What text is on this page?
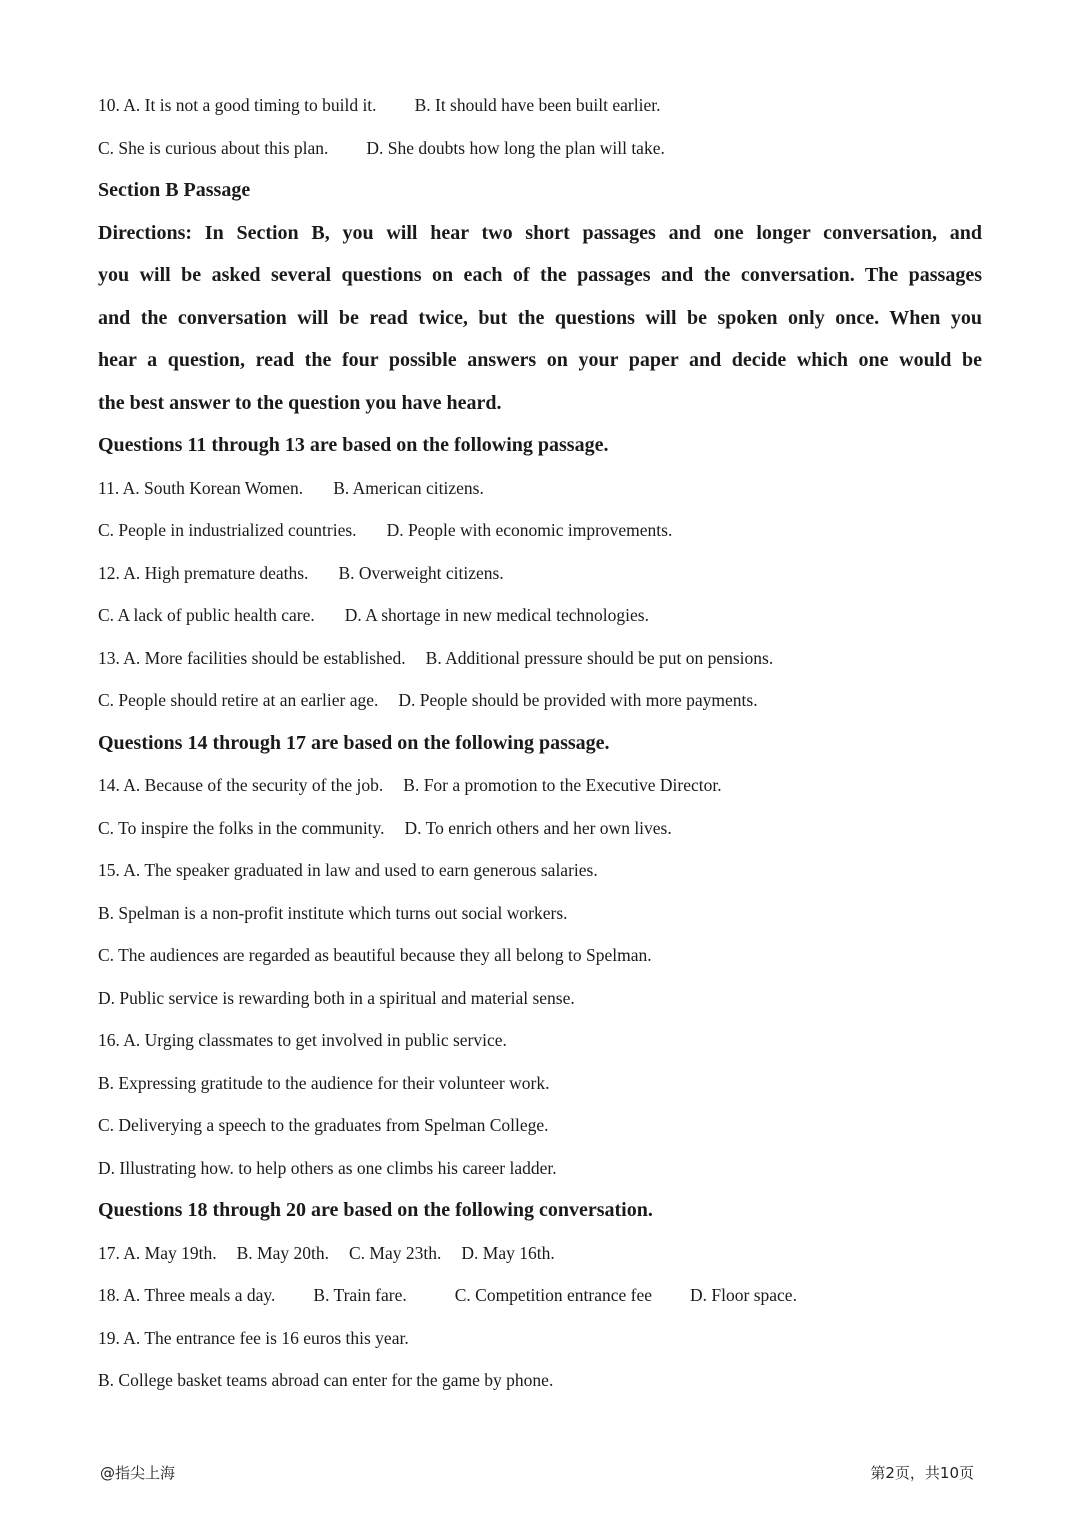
10. A. It is not a good timing to build it. B. It should have been built earlier.
C. She is curious about this plan. D. She doubts how long the plan will take.
Section B Passage
Directions: In Section B, you will hear two short passages and one longer conversation, and
you will be asked several questions on each of the passages and the conversation. The passages
and the conversation will be read twice, but the questions will be spoken only once. When you
hear a question, read the four possible answers on your paper and decide which one would be
the best answer to the question you have heard.
Questions 11 through 13 are based on the following passage.
11. A. South Korean Women. B. American citizens.
C. People in industrialized countries. D. People with economic improvements.
12. A. High premature deaths. B. Overweight citizens.
C. A lack of public health care. D. A shortage in new medical technologies.
13. A. More facilities should be established. B. Additional pressure should be put on pensions.
C. People should retire at an earlier age. D. People should be provided with more payments.
Questions 14 through 17 are based on the following passage.
14. A. Because of the security of the job. B. For a promotion to the Executive Director.
C. To inspire the folks in the community. D. To enrich others and her own lives.
15. A. The speaker graduated in law and used to earn generous salaries.
B. Spelman is a non-profit institute which turns out social workers.
C. The audiences are regarded as beautiful because they all belong to Spelman.
D. Public service is rewarding both in a spiritual and material sense.
16. A. Urging classmates to get involved in public service.
B. Expressing gratitude to the audience for their volunteer work.
C. Deliverying a speech to the graduates from Spelman College.
D. Illustrating how. to help others as one climbs his career ladder.
Questions 18 through 20 are based on the following conversation.
17. A. May 19th. B. May 20th. C. May 23th. D. May 16th.
18. A. Three meals a day. B. Train fare.	C. Competition entrance fee D. Floor space.
19. A. The entrance fee is 16 euros this year.
B. College basket teams abroad can enter for the game by phone.
@指尖上海	第2页，共10页
